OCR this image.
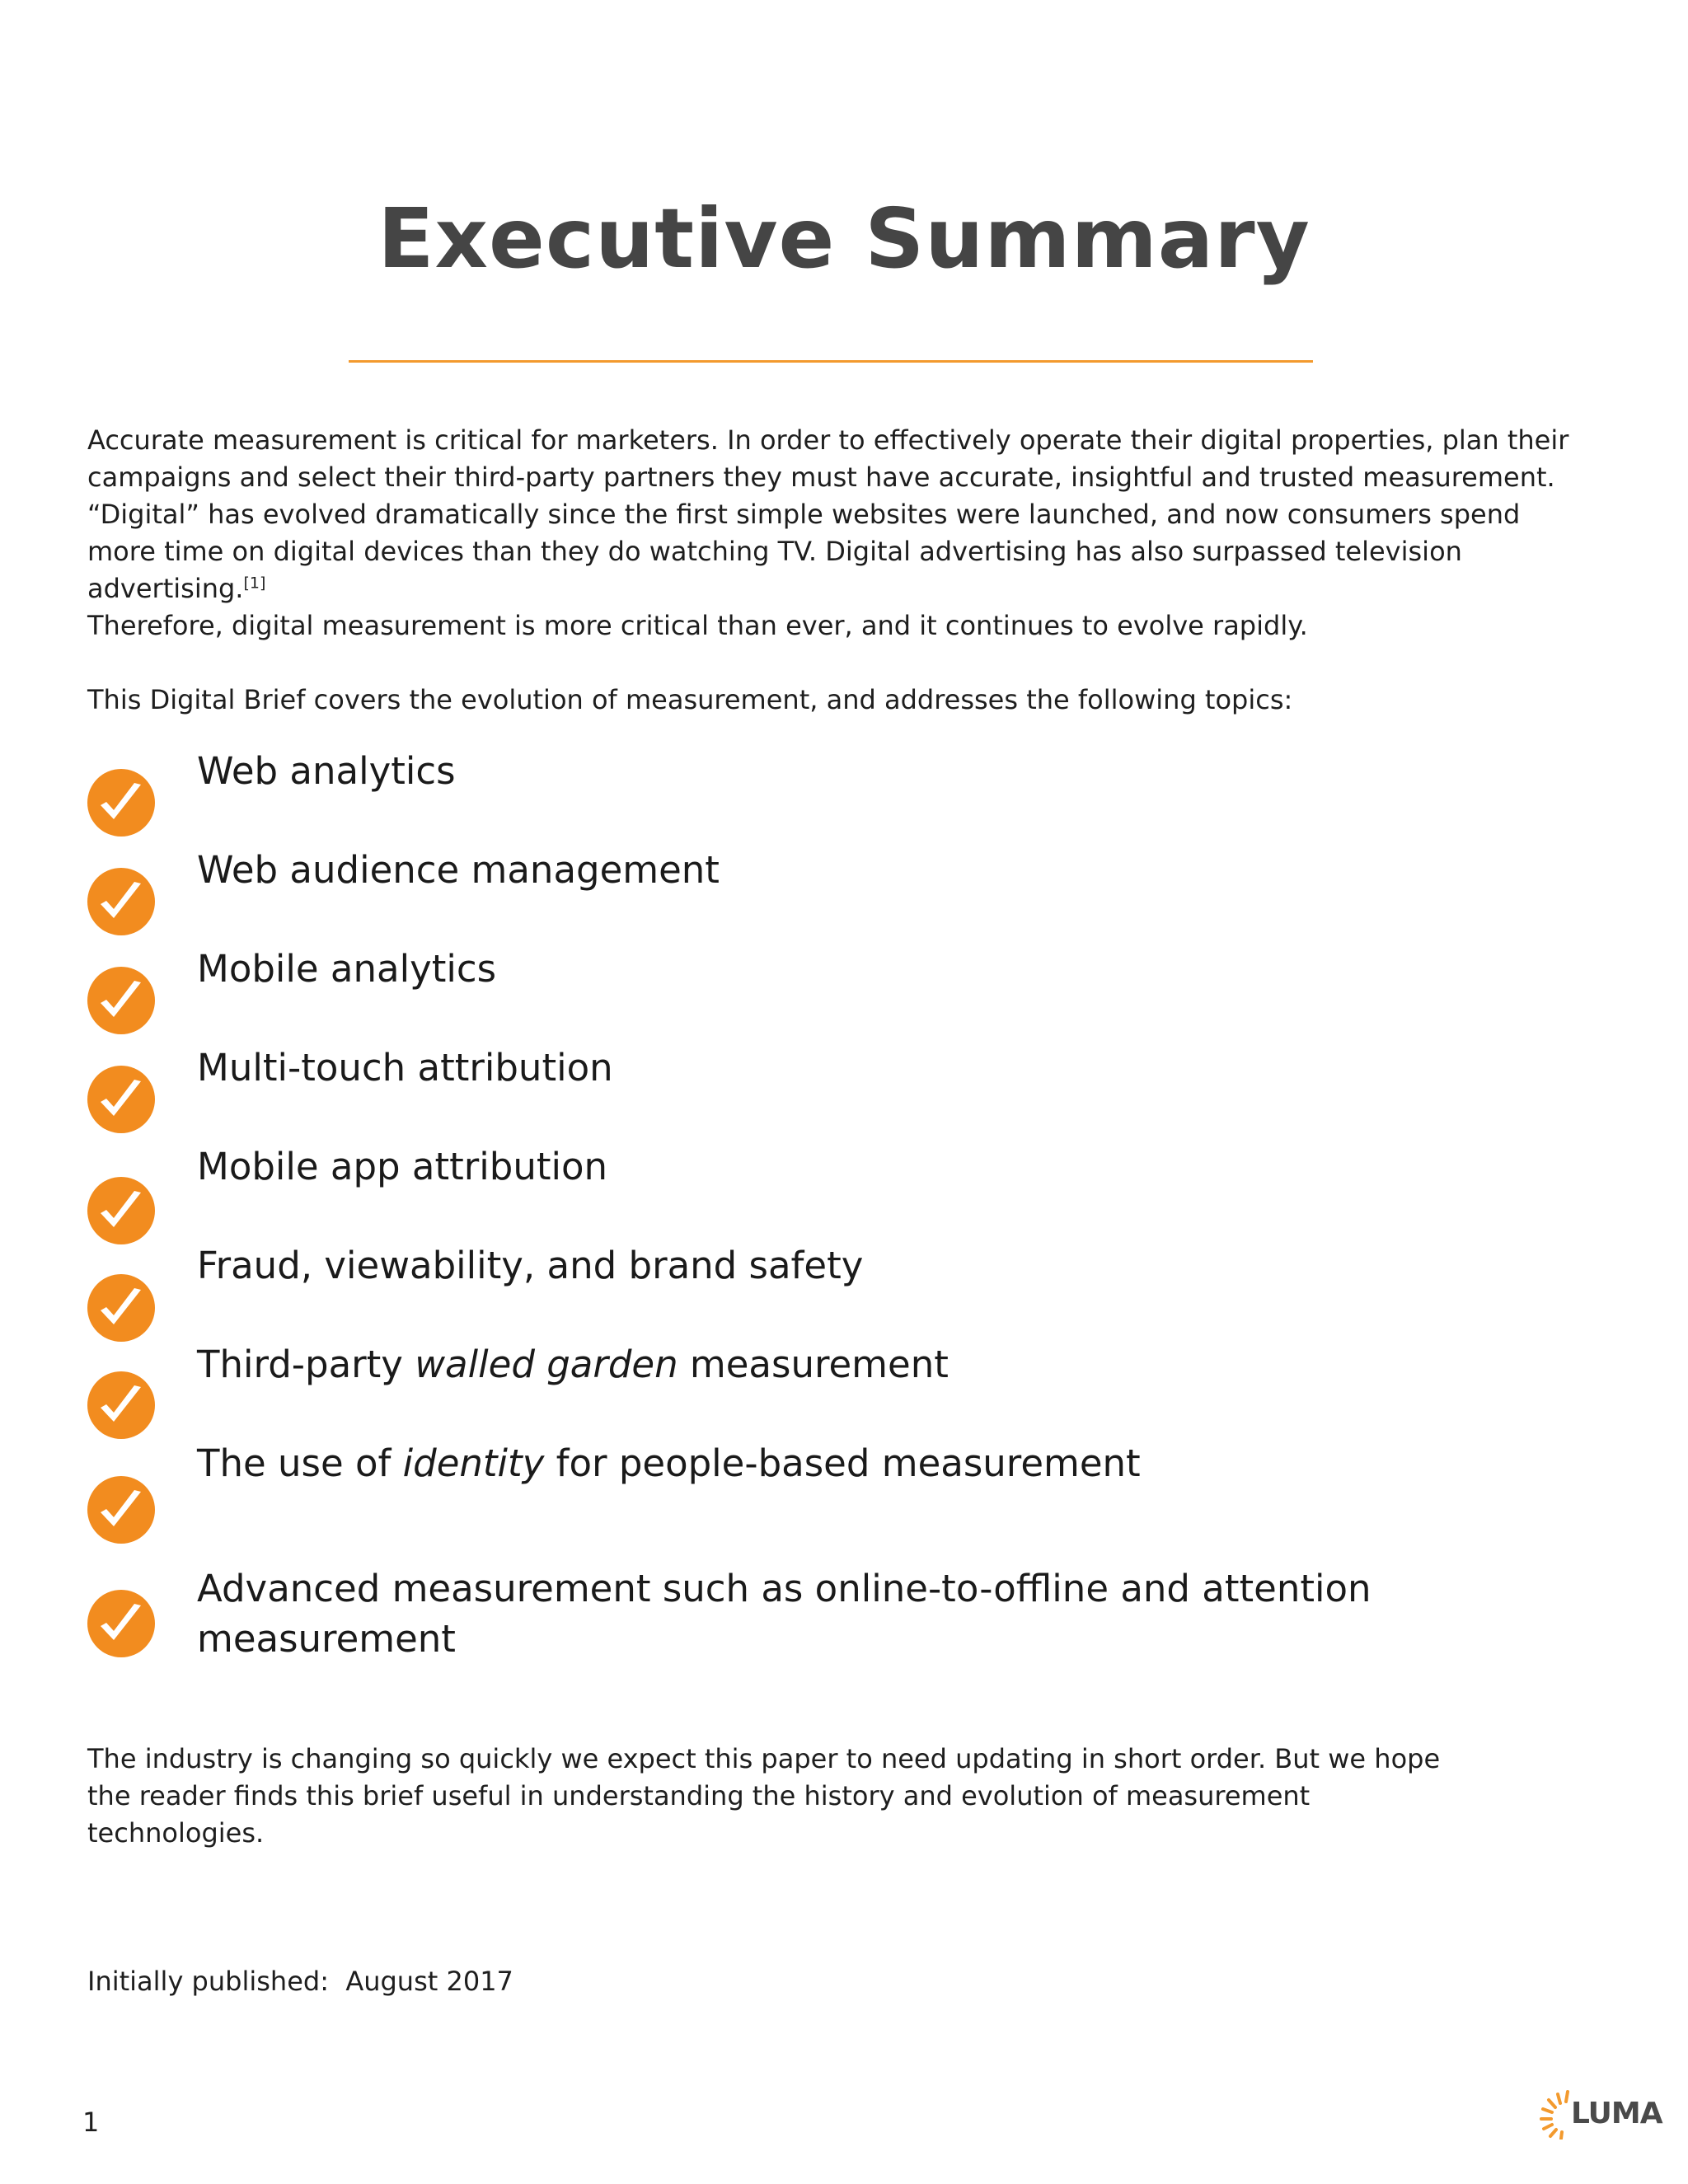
Executive Summary

Accurate measurement is critical for marketers. In order to effectively operate their digital properties, plan their campaigns and select their third-party partners they must have accurate, insightful and trusted measurement. “Digital” has evolved dramatically since the first simple websites were launched, and now consumers spend more time on digital devices than they do watching TV. Digital advertising has also surpassed television advertising.[1]
Therefore, digital measurement is more critical than ever, and it continues to evolve rapidly.

This Digital Brief covers the evolution of measurement, and addresses the following topics:

Web analytics
Web audience management
Mobile analytics
Multi-touch attribution
Mobile app attribution
Fraud, viewability, and brand safety
Third-party walled garden measurement
The use of identity for people-based measurement
Advanced measurement such as online-to-offline and attention measurement

The industry is changing so quickly we expect this paper to need updating in short order. But we hope the reader finds this brief useful in understanding the history and evolution of measurement technologies.

Initially published:  August 2017
1	LUMA
